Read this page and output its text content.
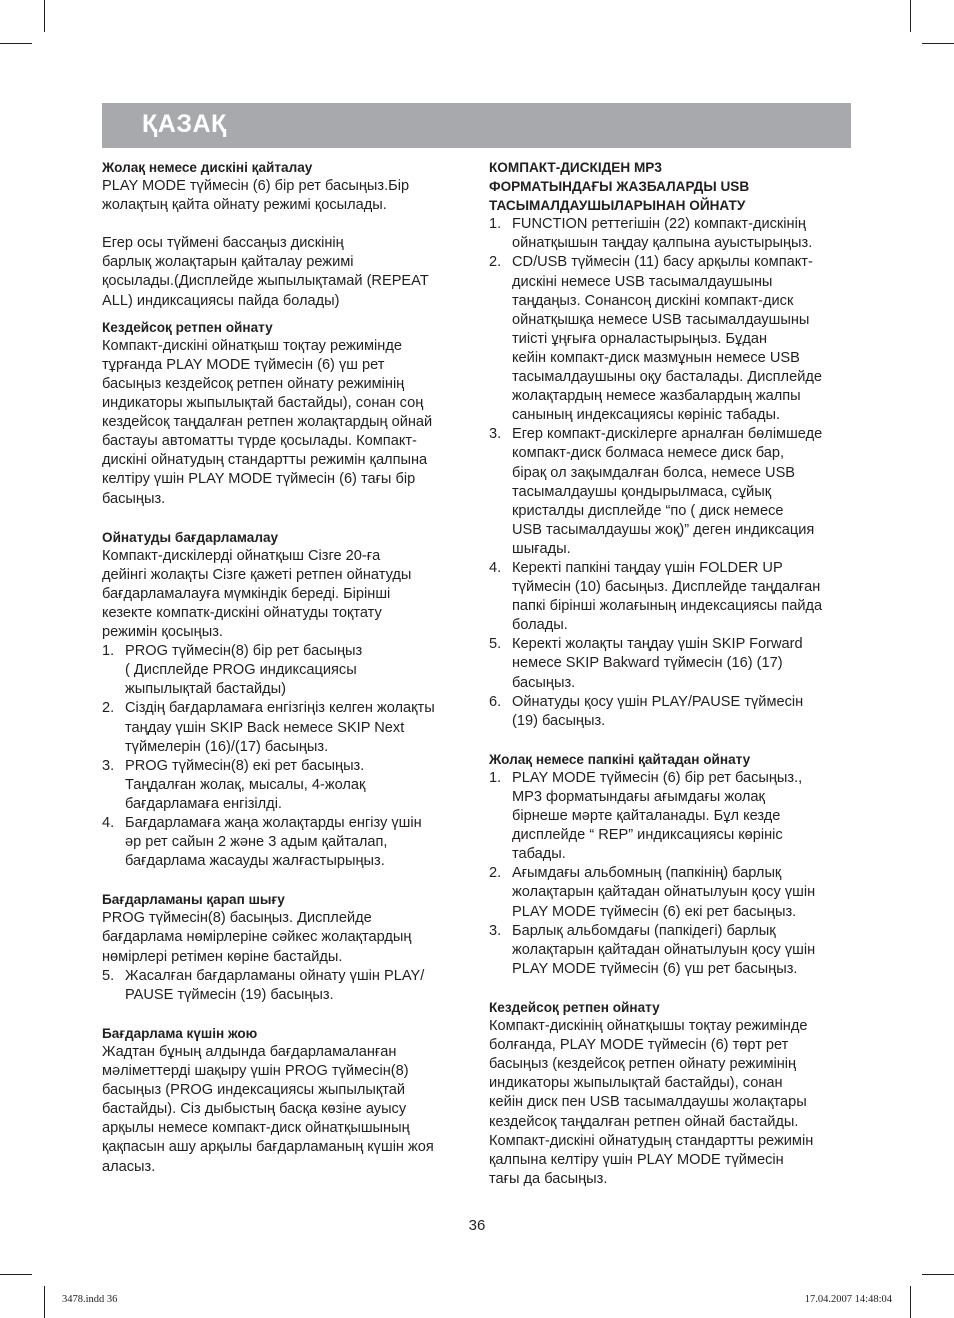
ҚАЗАҚ
Жолақ немесе дискіні қайталау
PLAY MODE түймесін (6) бір рет басыңыз.Бір
жолақтың қайта ойнату режимі қосылады.
Егер осы түймені бассаңыз дискінің
барлық жолақтарын қайталау режимі
қосылады.(Дисплейде жыпылықтамай (REPEAT
ALL) индиксациясы пайда болады)
Кездейсоқ ретпен ойнату
Компакт-дискіні ойнатқыш тоқтау режимінде
тұрғанда PLAY MODE түймесін (6) үш рет
басыңыз кездейсоқ ретпен ойнату режимінің
индикаторы жыпылықтай бастайды), сонан соң
кездейсоқ таңдалған ретпен жолақтардың ойнай
бастауы автоматты түрде қосылады. Компакт-
дискіні ойнатудың стандартты режимін қалпына
келтіру үшін PLAY MODE түймесін (6) тағы бір
басыңыз.
Ойнатуды бағдарламалау
Компакт-дискілерді ойнатқыш Сізге 20-ға
дейінгі жолақты Сізге қажеті ретпен ойнатуды
бағдарламалауға мүмкіндік береді. Бірінші
кезекте компатк-дискіні ойнатуды тоқтату
режимін қосыңыз.
1. PROG түймесін(8) бір рет басыңыз
( Дисплейде PROG индиксациясы
жыпылықтай бастайды)
2. Сіздің бағдарламаға енгізгіңіз келген жолақты
таңдау үшін SKIP Back немесе SKIP Next
түймелерін (16)/(17) басыңыз.
3. PROG түймесін(8) екі рет басыңыз.
Таңдалған жолақ, мысалы, 4-жолақ
бағдарламаға енгізілді.
4. Бағдарламаға жаңа жолақтарды енгізу үшін
әр рет сайын 2 және 3 адым қайталап,
бағдарлама жасауды жалғастырыңыз.
Бағдарламаны қарап шығу
PROG түймесін(8) басыңыз. Дисплейде
бағдарлама нөмірлеріне сәйкес жолақтардың
нөмірлері ретімен көріне бастайды.
5. Жасалған бағдарламаны ойнату үшін PLAY/
PAUSE түймесін (19) басыңыз.
Бағдарлама күшін жою
Жадтан бұның алдында бағдарламаланған
мәліметтерді шақыру үшін PROG түймесін(8)
басыңыз (PROG индексациясы жыпылықтай
бастайды). Сіз дыбыстың басқа көзіне ауысу
арқылы немесе компакт-диск ойнатқышының
қақпасын ашу арқылы бағдарламаның күшін жоя
аласыз.
КОМПАКТ-ДИСКІДЕН MP3
ФОРМАТЫНДАҒЫ ЖАЗБАЛАРДЫ USB
ТАСЫМАЛДАУШЫЛАРЫНАН ОЙНАТУ
1. FUNCTION реттегішін (22) компакт-дискінің
ойнатқышын таңдау қалпына ауыстырыңыз.
2. CD/USB түймесін (11) басу арқылы компакт-
дискіні немесе USB тасымалдаушыны
таңдаңыз. Сонансоң дискіні компакт-диск
ойнатқышқа немесе USB тасымалдаушыны
тиісті ұңғыға орналастырыңыз. Бұдан
кейін компакт-диск мазмұнын немесе USB
тасымалдаушыны оқу басталады. Дисплейде
жолақтардың немесе жазбалардың жалпы
санының индексациясы көрініс табады.
3. Егер компакт-дискілерге арналған бөлімшеде
компакт-диск болмаса немесе диск бар,
бірақ ол зақымдалған болса, немесе USB
тасымалдаушы қондырылмаса, сұйық
кристалды дисплейде “по ( диск немесе
USB тасымалдаушы жоқ)” деген индиксация
шығады.
4. Керекті папкіні таңдау үшін FOLDER UP
түймесін (10) басыңыз. Дисплейде таңдалған
папкі бірінші жолағының индексациясы пайда
болады.
5. Керекті жолақты таңдау үшін SKIP Forward
немесе SKIP Bakward түймесін (16) (17)
басыңыз.
6. Ойнатуды қосу үшін PLAY/PAUSE түймесін
(19) басыңыз.
Жолақ немесе папкіні қайтадан ойнату
1. PLAY MODE түймесін (6) бір рет басыңыз.,
MP3 форматындағы ағымдағы жолақ
бірнеше мәрте қайталанады. Бұл кезде
дисплейде “ REP” индиксациясы көрініс
табады.
2. Ағымдағы альбомның (папкінің) барлық
жолақтарын қайтадан ойнатылуын қосу үшін
PLAY MODE түймесін (6) екі рет басыңыз.
3. Барлық альбомдағы (папкідегі) барлық
жолақтарын қайтадан ойнатылуын қосу үшін
PLAY MODE түймесін (6) үш рет басыңыз.
Кездейсоқ ретпен ойнату
Компакт-дискінің ойнатқышы тоқтау режимінде
болғанда, PLAY MODE түймесін (6) төрт рет
басыңыз (кездейсоқ ретпен ойнату режимінің
индикаторы жыпылықтай бастайды), сонан
кейін диск пен USB тасымалдаушы жолақтары
кездейсоқ таңдалған ретпен ойнай бастайды.
Компакт-дискіні ойнатудың стандартты режимін
қалпына келтіру үшін PLAY MODE түймесін
тағы да басыңыз.
36
3478.indd 36	17.04.2007 14:48:04
